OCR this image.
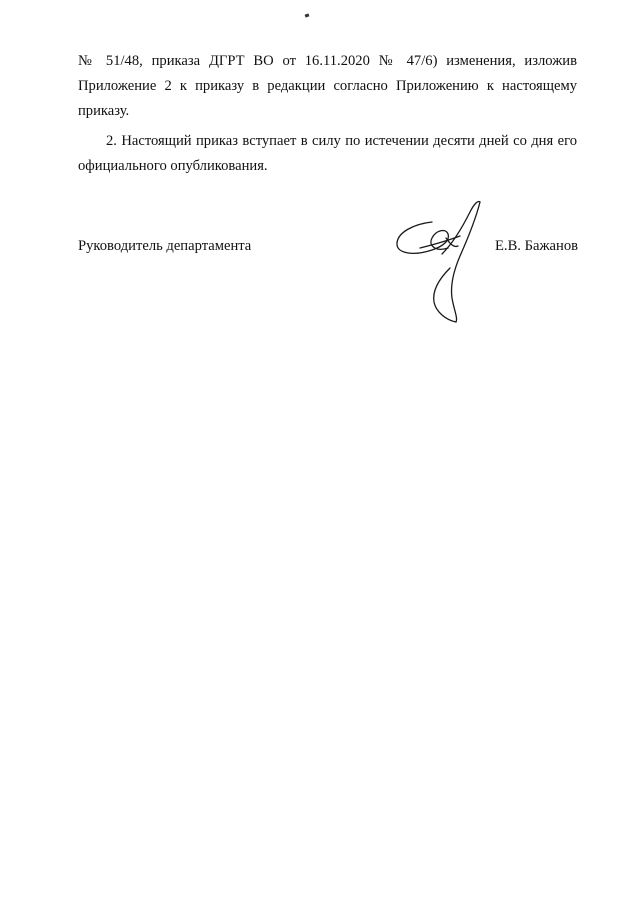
№ 51/48, приказа ДГРТ ВО от 16.11.2020 № 47/6) изменения, изложив
Приложение 2 к приказу в редакции согласно Приложению к настоящему
приказу.

2. Настоящий приказ вступает в силу по истечении десяти дней со дня его
официального опубликования.

Руководитель департамента	Е.В. Бажанов
